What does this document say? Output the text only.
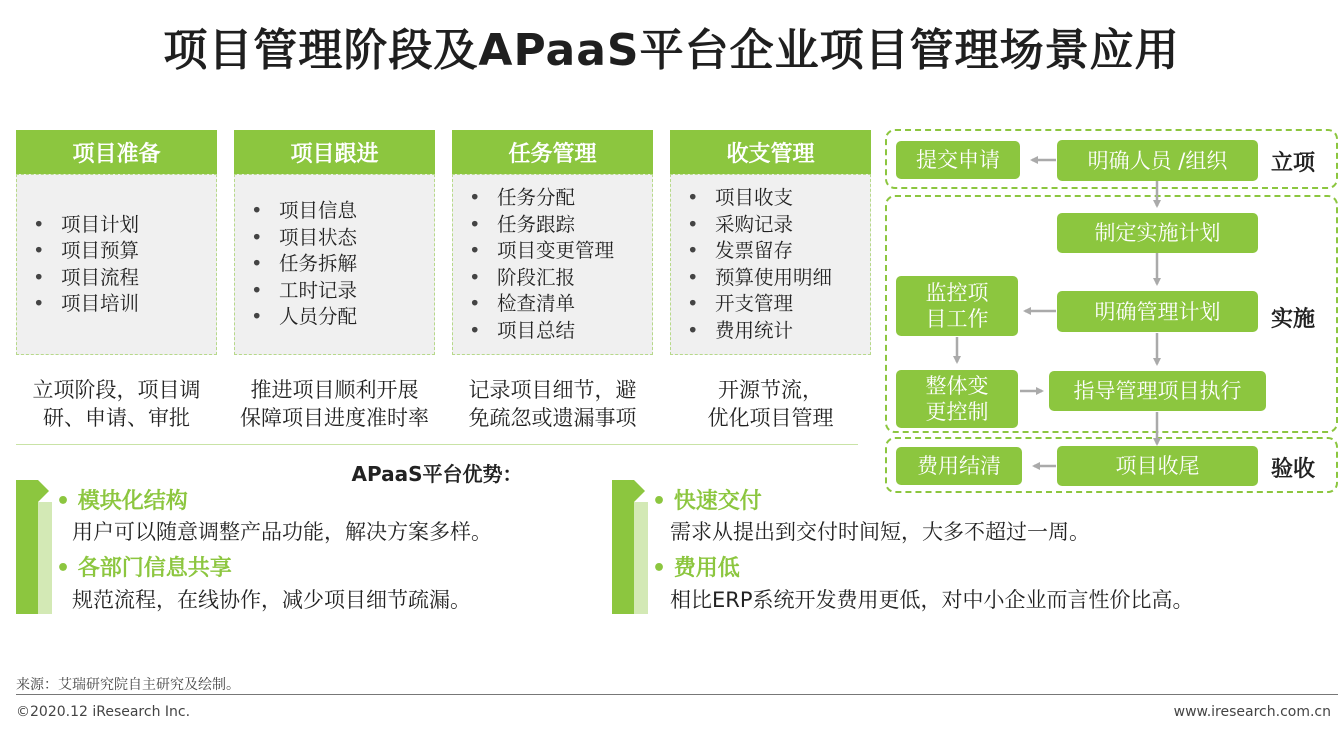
项目管理阶段及APaaS平台企业项目管理场景应用
项目准备
• 项目计划
• 项目预算
• 项目流程
• 项目培训
立项阶段，项目调
研、申请、审批
项目跟进
• 项目信息
• 项目状态
• 任务拆解
• 工时记录
• 人员分配
推进项目顺利开展
保障项目进度准时率
任务管理
• 任务分配
• 任务跟踪
• 项目变更管理
• 阶段汇报
• 检查清单
• 项目总结
记录项目细节，避
免疏忽或遗漏事项
收支管理
• 项目收支
• 采购记录
• 发票留存
• 预算使用明细
• 开支管理
• 费用统计
开源节流，
优化项目管理
APaaS平台优势：
• 模块化结构
用户可以随意调整产品功能，解决方案多样。
• 各部门信息共享
规范流程，在线协作，减少项目细节疏漏。
• 快速交付
需求从提出到交付时间短，大多不超过一周。
• 费用低
相比ERP系统开发费用更低，对中小企业而言性价比高。
提交申请	明确人员 /组织	立项
制定实施计划
监控项
目工作	明确管理计划	实施
整体变
更控制
指导管理项目执行
费用结清	项目收尾	验收
来源：艾瑞研究院自主研究及绘制。
©2020.12 iResearch Inc.	www.iresearch.com.cn
